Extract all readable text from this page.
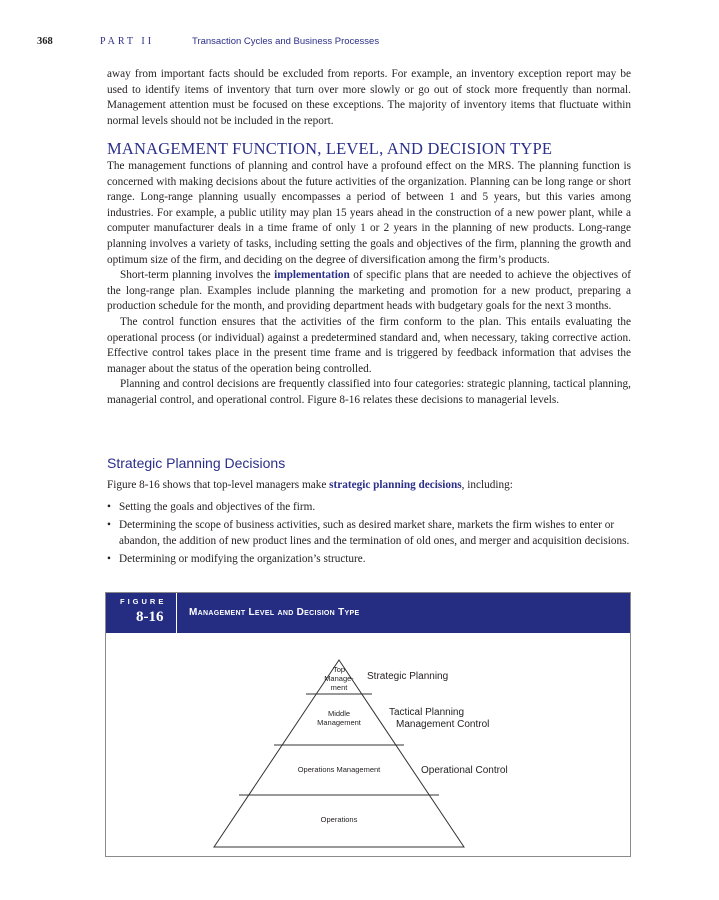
368	PART II	Transaction Cycles and Business Processes

away from important facts should be excluded from reports. For example, an inventory exception report may be used to identify items of inventory that turn over more slowly or go out of stock more frequently than normal. Management attention must be focused on these exceptions. The majority of inventory items that fluctuate within normal levels should not be included in the report.

MANAGEMENT FUNCTION, LEVEL, AND DECISION TYPE

The management functions of planning and control have a profound effect on the MRS. The planning function is concerned with making decisions about the future activities of the organization. Planning can be long range or short range. Long-range planning usually encompasses a period of between 1 and 5 years, but this varies among industries. For example, a public utility may plan 15 years ahead in the construction of a new power plant, while a computer manufacturer deals in a time frame of only 1 or 2 years in the planning of new products. Long-range planning involves a variety of tasks, including setting the goals and objectives of the firm, planning the growth and optimum size of the firm, and deciding on the degree of diversification among the firm’s products.

Short-term planning involves the implementation of specific plans that are needed to achieve the objectives of the long-range plan. Examples include planning the marketing and promotion for a new product, preparing a production schedule for the month, and providing department heads with budgetary goals for the next 3 months.

The control function ensures that the activities of the firm conform to the plan. This entails evaluating the operational process (or individual) against a predetermined standard and, when necessary, taking corrective action. Effective control takes place in the present time frame and is triggered by feedback information that advises the manager about the status of the operation being controlled.

Planning and control decisions are frequently classified into four categories: strategic planning, tactical planning, managerial control, and operational control. Figure 8-16 relates these decisions to managerial levels.

Strategic Planning Decisions

Figure 8-16 shows that top-level managers make strategic planning decisions, including:

• Setting the goals and objectives of the firm.
• Determining the scope of business activities, such as desired market share, markets the firm wishes to enter or abandon, the addition of new product lines and the termination of old ones, and merger and acquisition decisions.
• Determining or modifying the organization’s structure.
FIGURE
8-16	Management Level and Decision Type
Top
Manage-
ment
Middle
Management
Operations Management
Operations
Strategic Planning
Tactical Planning
Management Control
Operational Control
